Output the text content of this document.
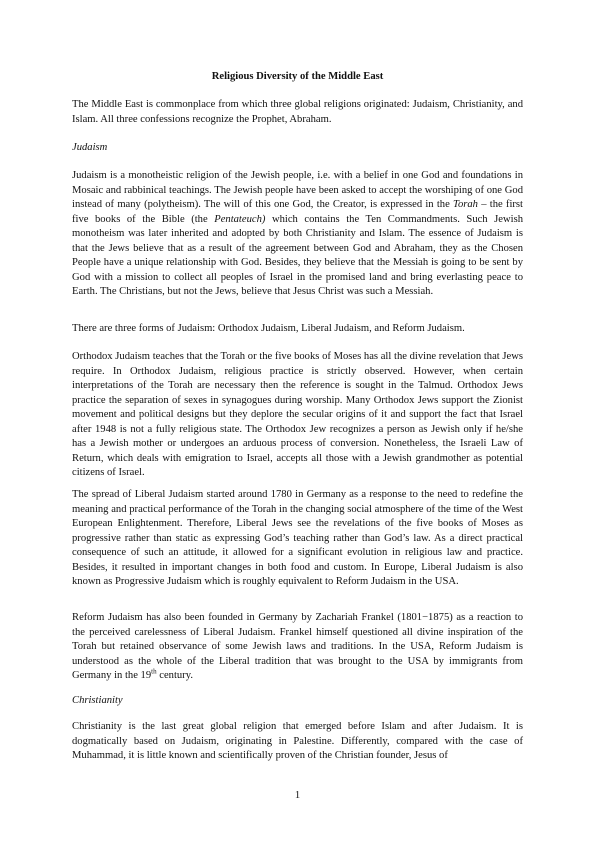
Religious Diversity of the Middle East

The Middle East is commonplace from which three global religions originated: Judaism, Christianity, and Islam. All three confessions recognize the Prophet, Abraham.

Judaism

Judaism is a monotheistic religion of the Jewish people, i.e. with a belief in one God and foundations in Mosaic and rabbinical teachings. The Jewish people have been asked to accept the worshiping of one God instead of many (polytheism). The will of this one God, the Creator, is expressed in the Torah – the first five books of the Bible (the Pentateuch) which contains the Ten Commandments. Such Jewish monotheism was later inherited and adopted by both Christianity and Islam. The essence of Judaism is that the Jews believe that as a result of the agreement between God and Abraham, they as the Chosen People have a unique relationship with God. Besides, they believe that the Messiah is going to be sent by God with a mission to collect all peoples of Israel in the promised land and bring everlasting peace to Earth. The Christians, but not the Jews, believe that Jesus Christ was such a Messiah.

There are three forms of Judaism: Orthodox Judaism, Liberal Judaism, and Reform Judaism.

Orthodox Judaism teaches that the Torah or the five books of Moses has all the divine revelation that Jews require. In Orthodox Judaism, religious practice is strictly observed. However, when certain interpretations of the Torah are necessary then the reference is sought in the Talmud. Orthodox Jews practice the separation of sexes in synagogues during worship. Many Orthodox Jews support the Zionist movement and political designs but they deplore the secular origins of it and support the fact that Israel after 1948 is not a fully religious state. The Orthodox Jew recognizes a person as Jewish only if he/she has a Jewish mother or undergoes an arduous process of conversion. Nonetheless, the Israeli Law of Return, which deals with emigration to Israel, accepts all those with a Jewish grandmother as potential citizens of Israel.

The spread of Liberal Judaism started around 1780 in Germany as a response to the need to redefine the meaning and practical performance of the Torah in the changing social atmosphere of the time of the West European Enlightenment. Therefore, Liberal Jews see the revelations of the five books of Moses as progressive rather than static as expressing God’s teaching rather than God’s law. As a direct practical consequence of such an attitude, it allowed for a significant evolution in religious law and practice. Besides, it resulted in important changes in both food and custom. In Europe, Liberal Judaism is also known as Progressive Judaism which is roughly equivalent to Reform Judaism in the USA.

Reform Judaism has also been founded in Germany by Zachariah Frankel (1801−1875) as a reaction to the perceived carelessness of Liberal Judaism. Frankel himself questioned all divine inspiration of the Torah but retained observance of some Jewish laws and traditions. In the USA, Reform Judaism is understood as the whole of the Liberal tradition that was brought to the USA by immigrants from Germany in the 19th century.

Christianity

Christianity is the last great global religion that emerged before Islam and after Judaism. It is dogmatically based on Judaism, originating in Palestine. Differently, compared with the case of Muhammad, it is little known and scientifically proven of the Christian founder, Jesus of

1
